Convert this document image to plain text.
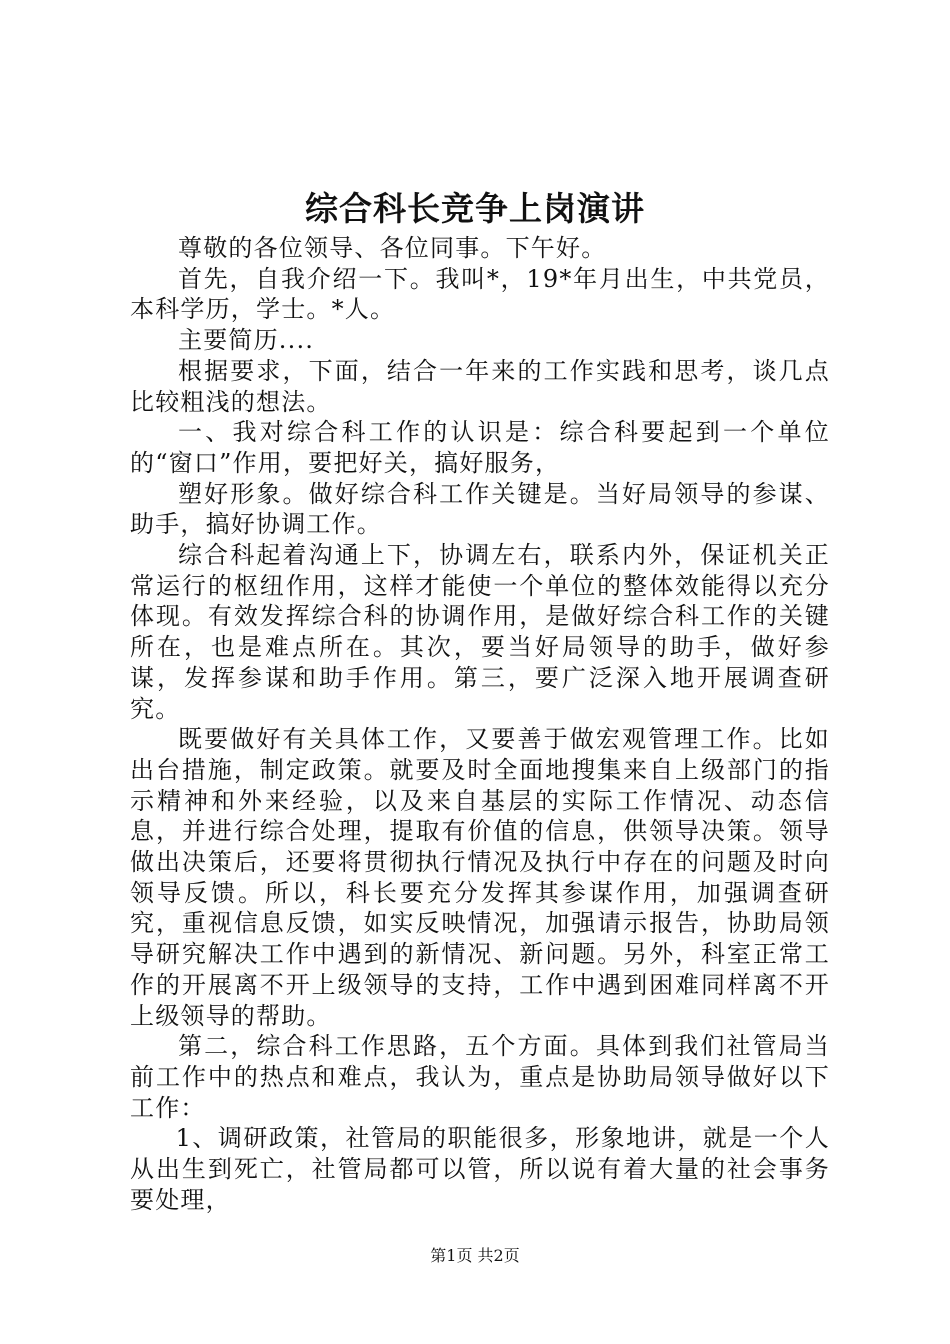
综合科长竞争上岗演讲

尊敬的各位领导、各位同事。下午好。

首先，自我介绍一下。我叫*，19*年月出生，中共党员，本科学历，学士。*人。

主要简历....

根据要求，下面，结合一年来的工作实践和思考，谈几点比较粗浅的想法。

一、我对综合科工作的认识是：综合科要起到一个单位的“窗口”作用，要把好关，搞好服务，

塑好形象。做好综合科工作关键是。当好局领导的参谋、助手，搞好协调工作。

综合科起着沟通上下，协调左右，联系内外，保证机关正常运行的枢纽作用，这样才能使一个单位的整体效能得以充分体现。有效发挥综合科的协调作用，是做好综合科工作的关键所在，也是难点所在。其次，要当好局领导的助手，做好参谋，发挥参谋和助手作用。第三，要广泛深入地开展调查研究。

既要做好有关具体工作，又要善于做宏观管理工作。比如出台措施，制定政策。就要及时全面地搜集来自上级部门的指示精神和外来经验，以及来自基层的实际工作情况、动态信息，并进行综合处理，提取有价值的信息，供领导决策。领导做出决策后，还要将贯彻执行情况及执行中存在的问题及时向领导反馈。所以，科长要充分发挥其参谋作用，加强调查研究，重视信息反馈，如实反映情况，加强请示报告，协助局领导研究解决工作中遇到的新情况、新问题。另外，科室正常工作的开展离不开上级领导的支持，工作中遇到困难同样离不开上级领导的帮助。

第二，综合科工作思路，五个方面。具体到我们社管局当前工作中的热点和难点，我认为，重点是协助局领导做好以下工作：

1、调研政策，社管局的职能很多，形象地讲，就是一个人从出生到死亡，社管局都可以管，所以说有着大量的社会事务要处理，

第1页 共2页
